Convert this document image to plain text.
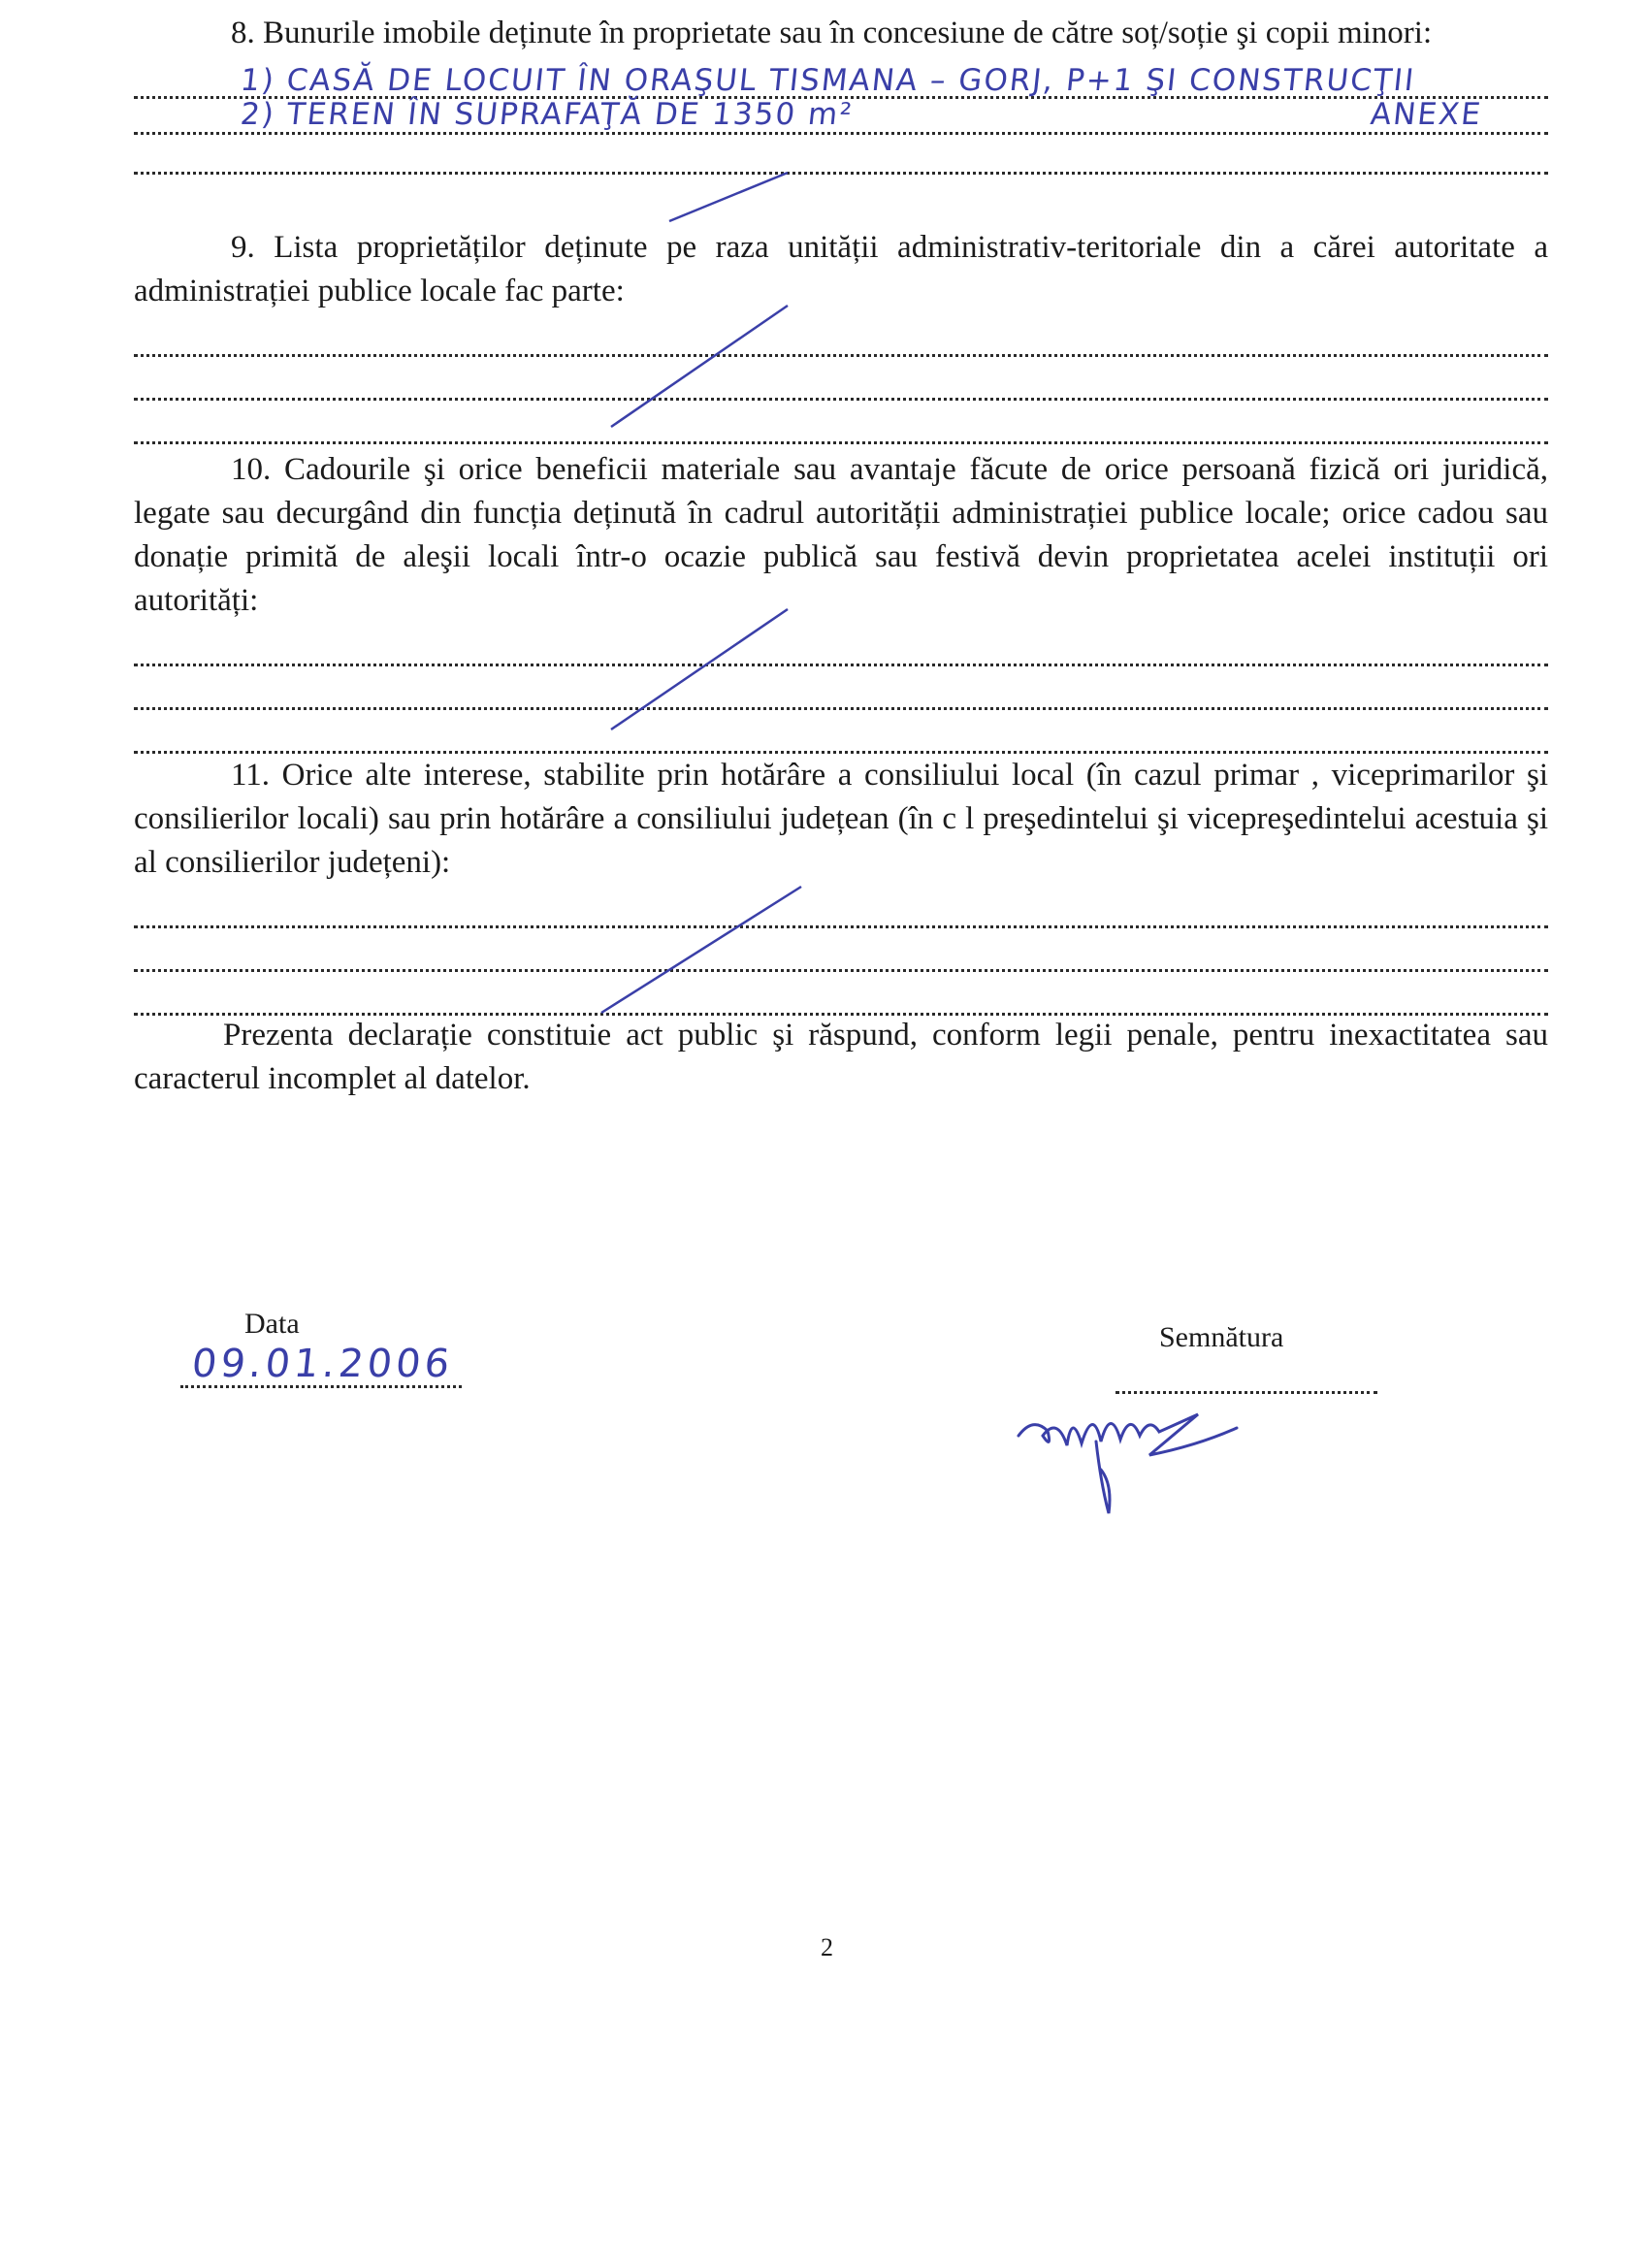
8. Bunurile imobile deținute în proprietate sau în concesiune de către soț/soție şi copii minori:

1) CASĂ DE LOCUIT ÎN ORAŞUL TISMANA – GORJ, P+1 ŞI CONSTRUCŢII
2) TEREN ÎN SUPRAFAŢĂ DE 1350 m²	ANEXE

9. Lista proprietăților deținute pe raza unității administrativ-teritoriale din a cărei autoritate a administrației publice locale fac parte:

10. Cadourile şi orice beneficii materiale sau avantaje făcute de orice persoană fizică ori juridică, legate sau decurgând din funcția deținută în cadrul autorității administrației publice locale; orice cadou sau donație primită de aleşii locali într-o ocazie publică sau festivă devin proprietatea acelei instituții ori autorități:

11. Orice alte interese, stabilite prin hotărâre a consiliului local (în cazul primar , viceprimarilor şi consilierilor locali) sau prin hotărâre a consiliului județean (în c l preşedintelui şi vicepreşedintelui acestuia şi al consilierilor județeni):

Prezenta declarație constituie act public şi răspund, conform legii penale, pentru inexactitatea sau caracterul incomplet al datelor.

Data
09.01.2006
Semnătura
2
